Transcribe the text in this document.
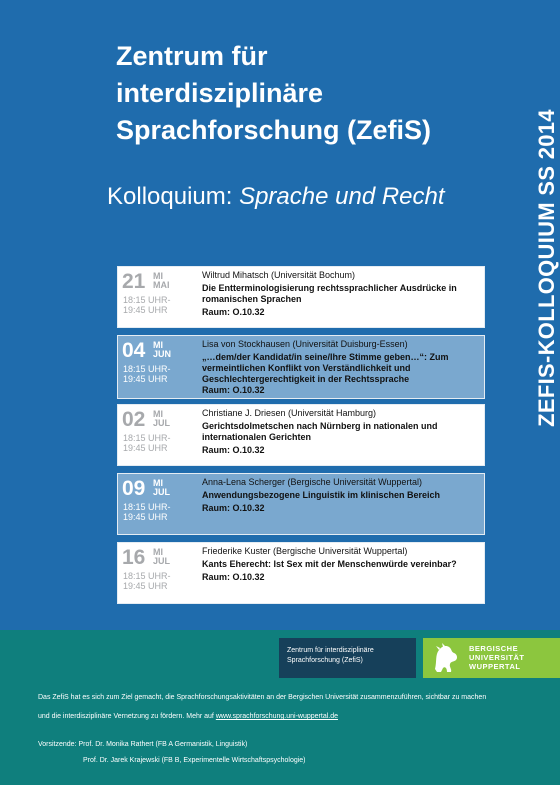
Zentrum für
interdisziplinäre
Sprachforschung (ZefiS)
Kolloquium: Sprache und Recht	ZEFIS-KOLLOQUIUM SS 2014
21 MI
MAI
18:15 UHR-
19:45 UHR
Wiltrud Mihatsch (Universität Bochum)
Die Entterminologisierung rechtssprachlicher Ausdrücke in romanischen Sprachen
Raum: O.10.32
04 MI
JUN
18:15 UHR-
19:45 UHR
Lisa von Stockhausen (Universität Duisburg-Essen)
„…dem/der Kandidat/in seine/Ihre Stimme geben…“: Zum vermeintlichen Konflikt von Verständlichkeit und Geschlechtergerechtigkeit in der Rechtssprache
Raum: O.10.32
02 MI
JUL
18:15 UHR-
19:45 UHR
Christiane J. Driesen (Universität Hamburg)
Gerichtsdolmetschen nach Nürnberg in nationalen und internationalen Gerichten
Raum: O.10.32
09 MI
JUL
18:15 UHR-
19:45 UHR
Anna-Lena Scherger (Bergische Universität Wuppertal)
Anwendungsbezogene Linguistik im klinischen Bereich
Raum: O.10.32
16 MI
JUL
18:15 UHR-
19:45 UHR
Friederike Kuster (Bergische Universität Wuppertal)
Kants Eherecht: Ist Sex mit der Menschenwürde vereinbar?
Raum: O.10.32
Zentrum für interdisziplinäre
Sprachforschung (ZefiS)
BERGISCHE
UNIVERSITÄT
WUPPERTAL
Das ZefiS hat es sich zum Ziel gemacht, die Sprachforschungsaktivitäten an der Bergischen Universität zusammenzuführen, sichtbar zu machen
und die interdisziplinäre Vernetzung zu fördern. Mehr auf www.sprachforschung.uni-wuppertal.de
Vorsitzende: Prof. Dr. Monika Rathert (FB A Germanistik, Linguistik)
Prof. Dr. Jarek Krajewski (FB B, Experimentelle Wirtschaftspsychologie)
